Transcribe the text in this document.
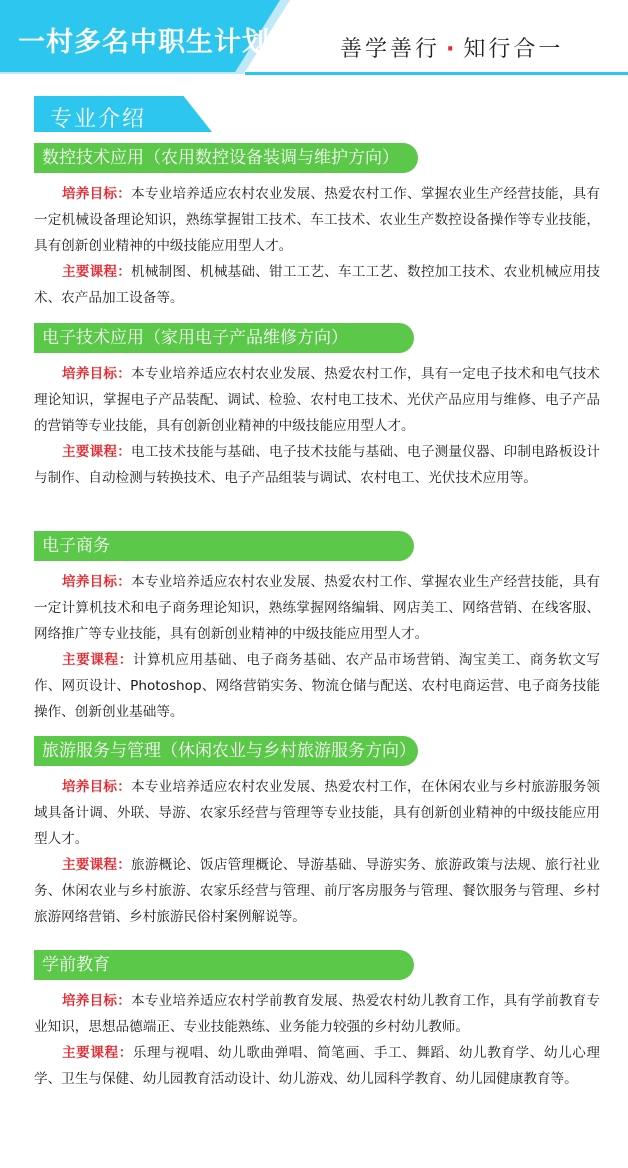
一村多名中职生计划	善学善行 · 知行合一
专业介绍
数控技术应用（农用数控设备装调与维护方向）

培养目标：本专业培养适应农村农业发展、热爱农村工作、掌握农业生产经营技能，具有一定机械设备理论知识，熟练掌握钳工技术、车工技术、农业生产数控设备操作等专业技能，具有创新创业精神的中级技能应用型人才。

主要课程：机械制图、机械基础、钳工工艺、车工工艺、数控加工技术、农业机械应用技术、农产品加工设备等。

电子技术应用（家用电子产品维修方向）

培养目标：本专业培养适应农村农业发展、热爱农村工作，具有一定电子技术和电气技术理论知识，掌握电子产品装配、调试、检验、农村电工技术、光伏产品应用与维修、电子产品的营销等专业技能，具有创新创业精神的中级技能应用型人才。

主要课程：电工技术技能与基础、电子技术技能与基础、电子测量仪器、印制电路板设计与制作、自动检测与转换技术、电子产品组装与调试、农村电工、光伏技术应用等。

电子商务

培养目标：本专业培养适应农村农业发展、热爱农村工作、掌握农业生产经营技能，具有一定计算机技术和电子商务理论知识，熟练掌握网络编辑、网店美工、网络营销、在线客服、网络推广等专业技能，具有创新创业精神的中级技能应用型人才。

主要课程：计算机应用基础、电子商务基础、农产品市场营销、淘宝美工、商务软文写作、网页设计、Photoshop、网络营销实务、物流仓储与配送、农村电商运营、电子商务技能操作、创新创业基础等。

旅游服务与管理（休闲农业与乡村旅游服务方向）

培养目标：本专业培养适应农村农业发展、热爱农村工作，在休闲农业与乡村旅游服务领域具备计调、外联、导游、农家乐经营与管理等专业技能，具有创新创业精神的中级技能应用型人才。

主要课程：旅游概论、饭店管理概论、导游基础、导游实务、旅游政策与法规、旅行社业务、休闲农业与乡村旅游、农家乐经营与管理、前厅客房服务与管理、餐饮服务与管理、乡村旅游网络营销、乡村旅游民俗村案例解说等。

学前教育

培养目标：本专业培养适应农村学前教育发展、热爱农村幼儿教育工作，具有学前教育专业知识，思想品德端正、专业技能熟练、业务能力较强的乡村幼儿教师。

主要课程：乐理与视唱、幼儿歌曲弹唱、简笔画、手工、舞蹈、幼儿教育学、幼儿心理学、卫生与保健、幼儿园教育活动设计、幼儿游戏、幼儿园科学教育、幼儿园健康教育等。
